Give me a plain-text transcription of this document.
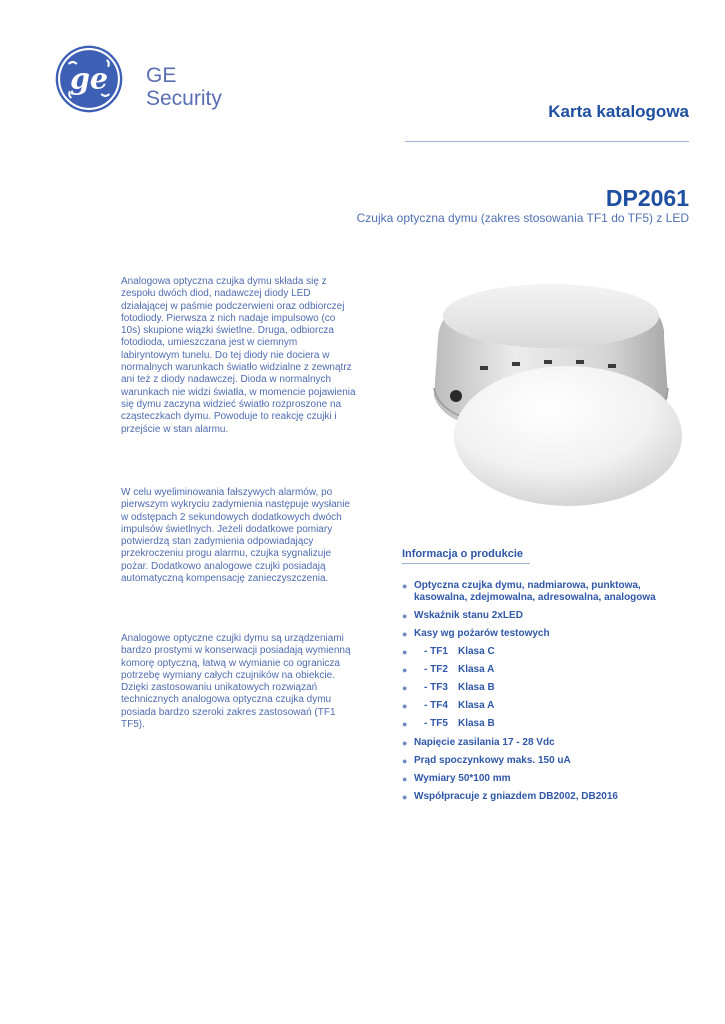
ge GE
Security
Karta katalogowa
DP2061
Czujka optyczna dymu (zakres stosowania TF1 do TF5) z LED

Analogowa optyczna czujka dymu składa się z zespołu dwóch diod, nadawczej diody LED działającej w paśmie podczerwieni oraz odbiorczej fotodiody. Pierwsza z nich nadaje impulsowo (co 10s) skupione wiązki świetlne. Druga, odbiorcza fotodioda, umieszczana jest w ciemnym labiryntowym tunelu. Do tej diody nie dociera w normalnych warunkach światło widzialne z zewnątrz ani też z diody nadawczej. Dioda w normalnych warunkach nie widzi światła, w momencie pojawienia się dymu zaczyna widzieć światło rozproszone na cząsteczkach dymu. Powoduje to reakcję czujki i przejście w stan alarmu.

W celu wyeliminowania fałszywych alarmów, po pierwszym wykryciu zadymienia następuje wysłanie w odstępach 2 sekundowych dodatkowych dwóch impulsów świetlnych. Jeżeli dodatkowe pomiary potwierdzą stan zadymienia odpowiadający przekroczeniu progu alarmu, czujka sygnalizuje pożar. Dodatkowo analogowe czujki posiadają automatyczną kompensację zanieczyszczenia.

Analogowe optyczne czujki dymu są urządzeniami bardzo prostymi w konserwacji posiadają wymienną komorę optyczną, łatwą w wymianie co ogranicza potrzebę wymiany całych czujników na obiekcie.
Dzięki zastosowaniu unikatowych rozwiązań technicznych analogowa optyczna czujka dymu posiada bardzo szeroki zakres zastosowań (TF1 TF5).

Informacja o produkcie
● Optyczna czujka dymu, nadmiarowa, punktowa, kasowalna, zdejmowalna, adresowalna, analogowa
● Wskaźnik stanu 2xLED
● Kasy wg pożarów testowych
● - TF1 Klasa C
● - TF2 Klasa A
● - TF3 Klasa B
● - TF4 Klasa A
● - TF5 Klasa B
● Napięcie zasilania 17 - 28 Vdc
● Prąd spoczynkowy maks. 150 uA
● Wymiary 50*100 mm
● Współpracuje z gniazdem DB2002, DB2016
